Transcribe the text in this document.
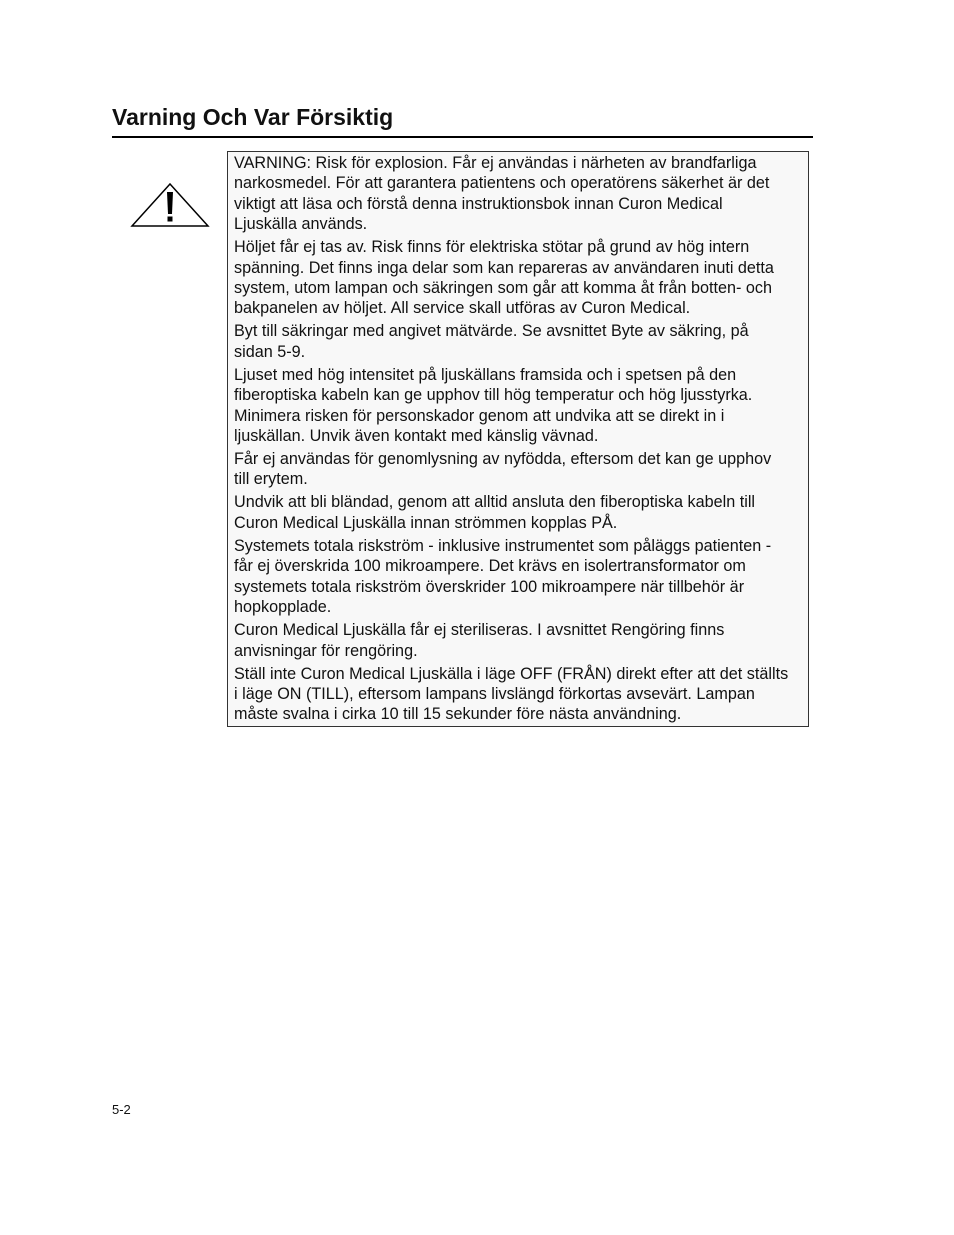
Varning Och Var Försiktig

VARNING: Risk för explosion. Får ej användas i närheten av brandfarliga
narkosmedel. För att garantera patientens och operatörens säkerhet är det
viktigt att läsa och förstå denna instruktionsbok innan Curon Medical
Ljuskälla används.

Höljet får ej tas av. Risk finns för elektriska stötar på grund av hög intern
spänning. Det finns inga delar som kan repareras av användaren inuti detta
system, utom lampan och säkringen som går att komma åt från botten- och
bakpanelen av höljet. All service skall utföras av Curon Medical.

Byt till säkringar med angivet mätvärde. Se avsnittet Byte av säkring, på
sidan 5-9.

Ljuset med hög intensitet på ljuskällans framsida och i spetsen på den
fiberoptiska kabeln kan ge upphov till hög temperatur och hög ljusstyrka.
Minimera risken för personskador genom att undvika att se direkt in i
ljuskällan. Unvik även kontakt med känslig vävnad.

Får ej användas för genomlysning av nyfödda, eftersom det kan ge upphov
till erytem.

Undvik att bli bländad, genom att alltid ansluta den fiberoptiska kabeln till
Curon Medical Ljuskälla innan strömmen kopplas PÅ.

Systemets totala riskström - inklusive instrumentet som påläggs patienten -
får ej överskrida 100 mikroampere. Det krävs en isolertransformator om
systemets totala riskström överskrider 100 mikroampere när tillbehör är
hopkopplade.

Curon Medical Ljuskälla får ej steriliseras. I avsnittet Rengöring finns
anvisningar för rengöring.

Ställ inte Curon Medical Ljuskälla i läge OFF (FRÅN) direkt efter att det ställts
i läge ON (TILL), eftersom lampans livslängd förkortas avsevärt. Lampan
måste svalna i cirka 10 till 15 sekunder före nästa användning.

5-2
